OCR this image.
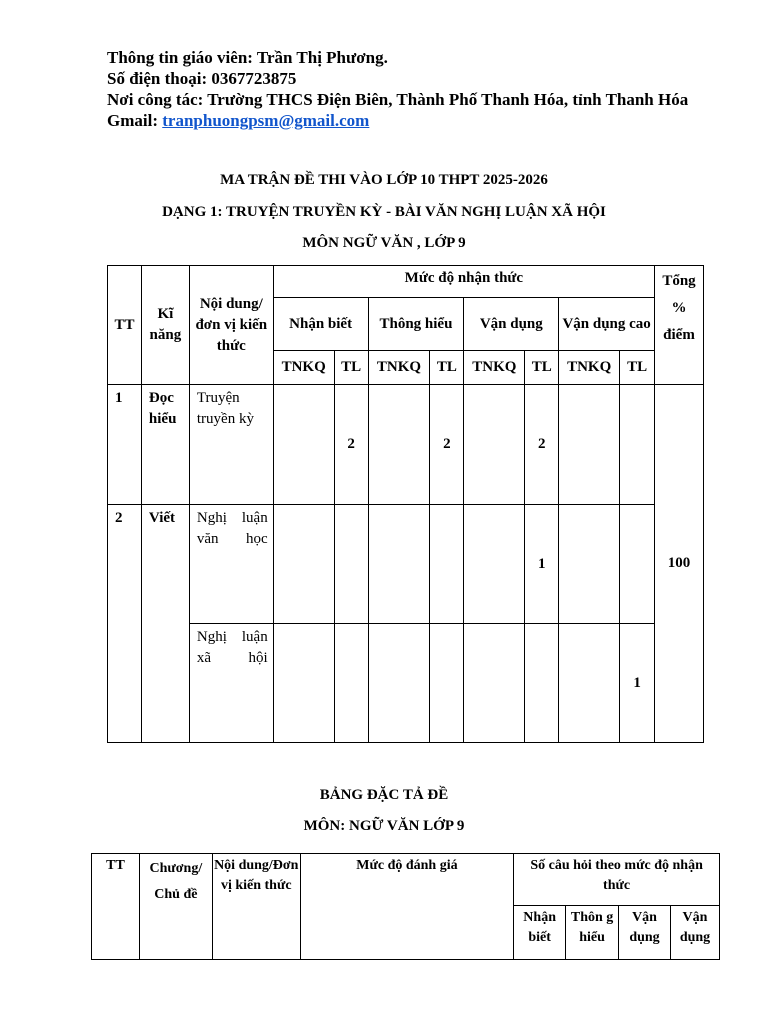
Thông tin giáo viên: Trần Thị Phương.
Số điện thoại: 0367723875
Nơi công tác: Trường THCS Điện Biên, Thành Phố Thanh Hóa, tỉnh Thanh Hóa
Gmail: tranphuongpsm@gmail.com
MA TRẬN ĐỀ THI VÀO LỚP 10 THPT 2025-2026
DẠNG 1: TRUYỆN TRUYỀN KỲ - BÀI VĂN NGHỊ LUẬN XÃ HỘI
MÔN NGỮ VĂN , LỚP 9
TT	Kĩ năng	Nội dung/đơn vị kiến thức	Mức độ nhận thức								Tổng % điểm
			Nhận biết		Thông hiểu		Vận dụng		Vận dụng cao		
			TNKQ	TL	TNKQ	TL	TNKQ	TL	TNKQ	TL	
1	Đọc hiểu	Truyện truyền kỳ		2		2		2			100
2	Viết	Nghị luận văn học						1			
		Nghị luận xã hội								1	
BẢNG ĐẶC TẢ ĐỀ
MÔN: NGỮ VĂN LỚP 9
TT	Chương/ Chủ đề	Nội dung/Đơn vị kiến thức	Mức độ đánh giá	Số câu hỏi theo mức độ nhận thức			
				Nhận biết	Thôn g hiểu	Vận dụng	Vận dụng
